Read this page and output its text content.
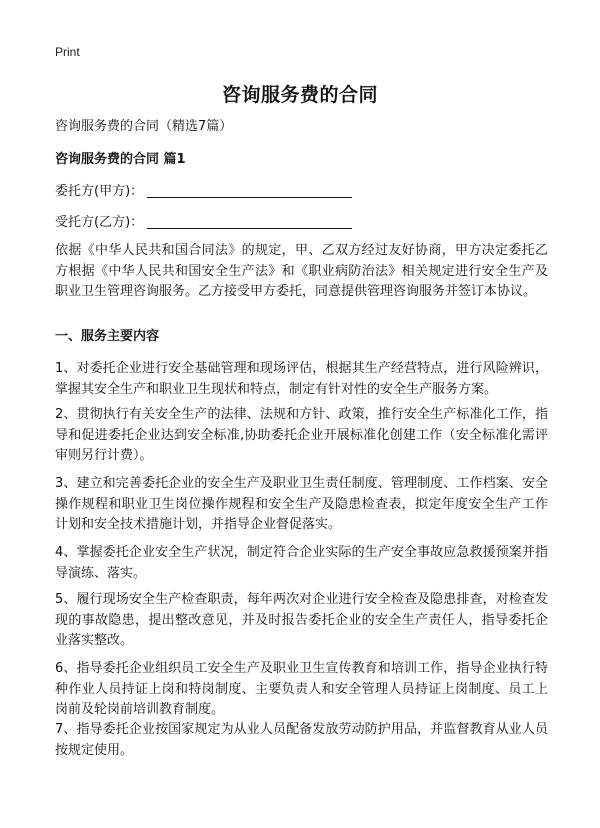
Print
咨询服务费的合同
咨询服务费的合同（精选7篇）
咨询服务费的合同 篇1
委托方(甲方)：
受托方(乙方)：
依据《中华人民共和国合同法》的规定，甲、乙双方经过友好协商，甲方决定委托乙方根据《中华人民共和国安全生产法》和《职业病防治法》相关规定进行安全生产及职业卫生管理咨询服务。乙方接受甲方委托，同意提供管理咨询服务并签订本协议。
一、服务主要内容
1、对委托企业进行安全基础管理和现场评估，根据其生产经营特点，进行风险辨识，掌握其安全生产和职业卫生现状和特点，制定有针对性的安全生产服务方案。
2、贯彻执行有关安全生产的法律、法规和方针、政策，推行安全生产标准化工作，指导和促进委托企业达到安全标准,协助委托企业开展标准化创建工作（安全标准化需评审则另行计费）。
3、建立和完善委托企业的安全生产及职业卫生责任制度、管理制度、工作档案、安全操作规程和职业卫生岗位操作规程和安全生产及隐患检查表，拟定年度安全生产工作计划和安全技术措施计划，并指导企业督促落实。
4、掌握委托企业安全生产状况，制定符合企业实际的生产安全事故应急救援预案并指导演练、落实。
5、履行现场安全生产检查职责，每年两次对企业进行安全检查及隐患排查，对检查发现的事故隐患，提出整改意见，并及时报告委托企业的安全生产责任人，指导委托企业落实整改。
6、指导委托企业组织员工安全生产及职业卫生宣传教育和培训工作，指导企业执行特种作业人员持证上岗和特岗制度、主要负责人和安全管理人员持证上岗制度、员工上岗前及轮岗前培训教育制度。
7、指导委托企业按国家规定为从业人员配备发放劳动防护用品，并监督教育从业人员按规定使用。
